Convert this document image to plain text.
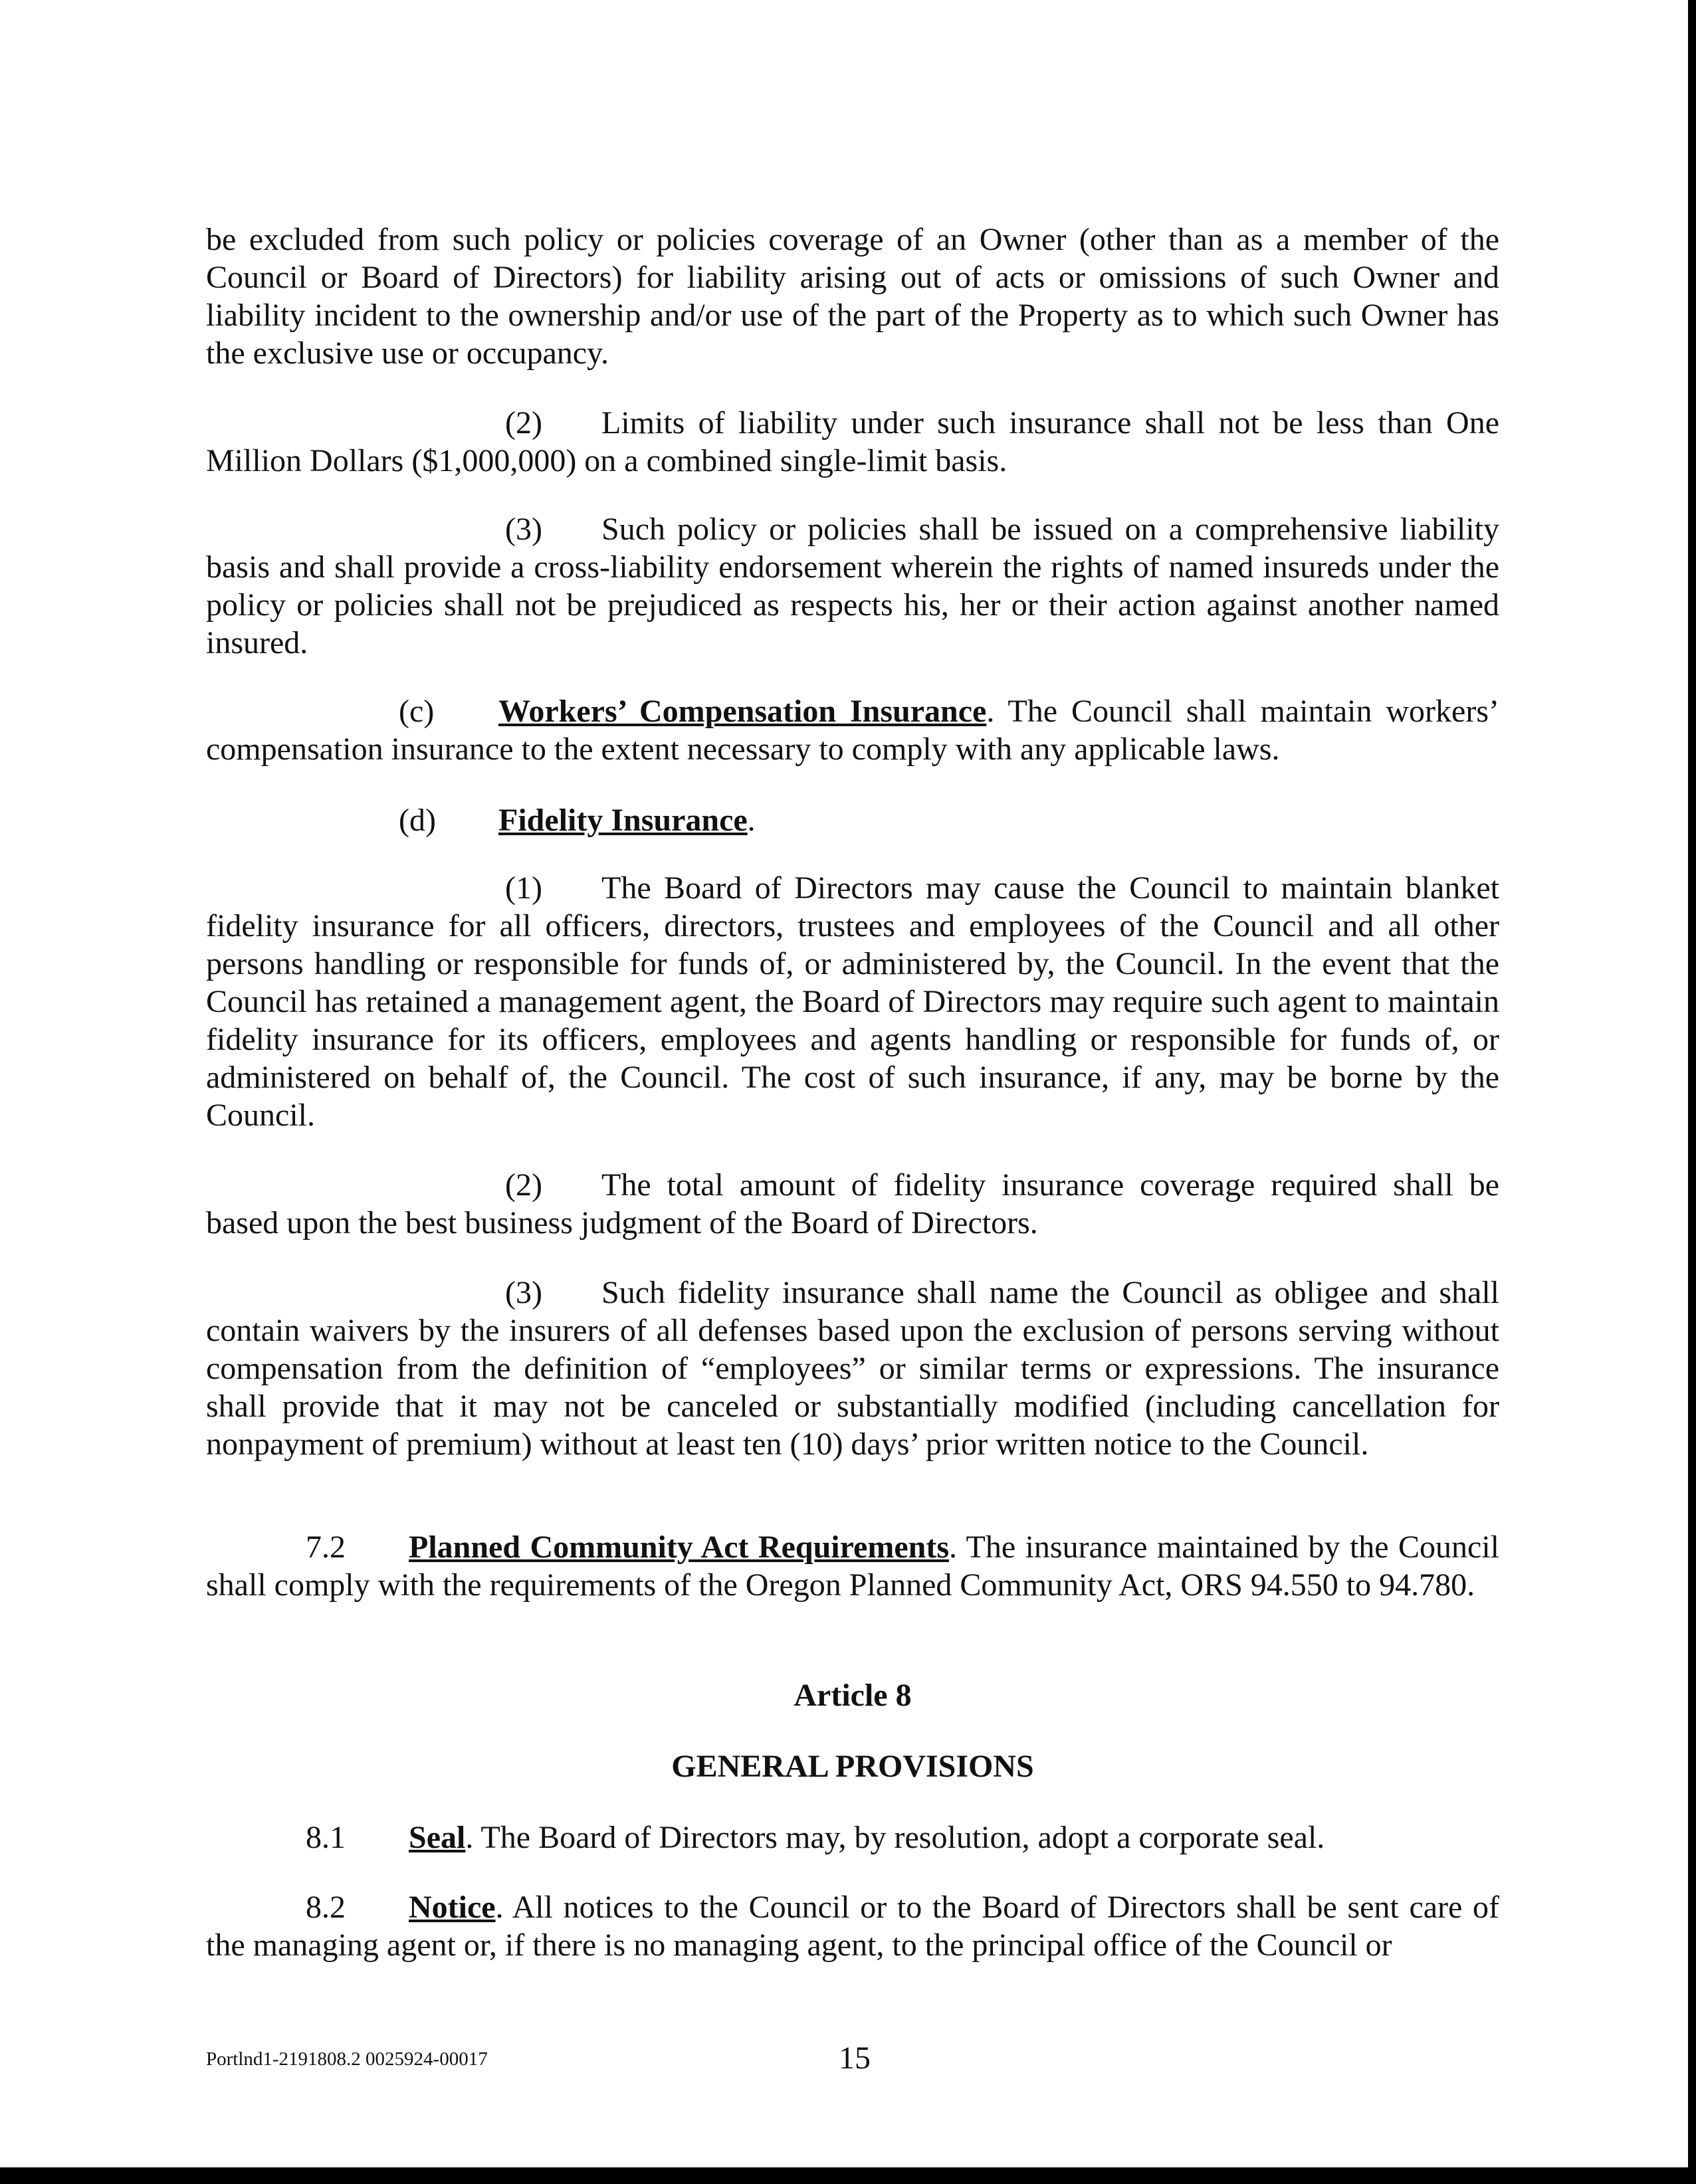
be excluded from such policy or policies coverage of an Owner (other than as a member of the Council or Board of Directors) for liability arising out of acts or omissions of such Owner and liability incident to the ownership and/or use of the part of the Property as to which such Owner has the exclusive use or occupancy.

(2) Limits of liability under such insurance shall not be less than One Million Dollars ($1,000,000) on a combined single-limit basis.

(3) Such policy or policies shall be issued on a comprehensive liability basis and shall provide a cross-liability endorsement wherein the rights of named insureds under the policy or policies shall not be prejudiced as respects his, her or their action against another named insured.

(c) Workers’ Compensation Insurance. The Council shall maintain workers’ compensation insurance to the extent necessary to comply with any applicable laws.

(d) Fidelity Insurance.

(1) The Board of Directors may cause the Council to maintain blanket fidelity insurance for all officers, directors, trustees and employees of the Council and all other persons handling or responsible for funds of, or administered by, the Council. In the event that the Council has retained a management agent, the Board of Directors may require such agent to maintain fidelity insurance for its officers, employees and agents handling or responsible for funds of, or administered on behalf of, the Council. The cost of such insurance, if any, may be borne by the Council.

(2) The total amount of fidelity insurance coverage required shall be based upon the best business judgment of the Board of Directors.

(3) Such fidelity insurance shall name the Council as obligee and shall contain waivers by the insurers of all defenses based upon the exclusion of persons serving without compensation from the definition of “employees” or similar terms or expressions. The insurance shall provide that it may not be canceled or substantially modified (including cancellation for nonpayment of premium) without at least ten (10) days’ prior written notice to the Council.

7.2 Planned Community Act Requirements. The insurance maintained by the Council shall comply with the requirements of the Oregon Planned Community Act, ORS 94.550 to 94.780.

Article 8

GENERAL PROVISIONS

8.1 Seal. The Board of Directors may, by resolution, adopt a corporate seal.

8.2 Notice. All notices to the Council or to the Board of Directors shall be sent care of the managing agent or, if there is no managing agent, to the principal office of the Council or

Portlnd1-2191808.2 0025924-00017	15
